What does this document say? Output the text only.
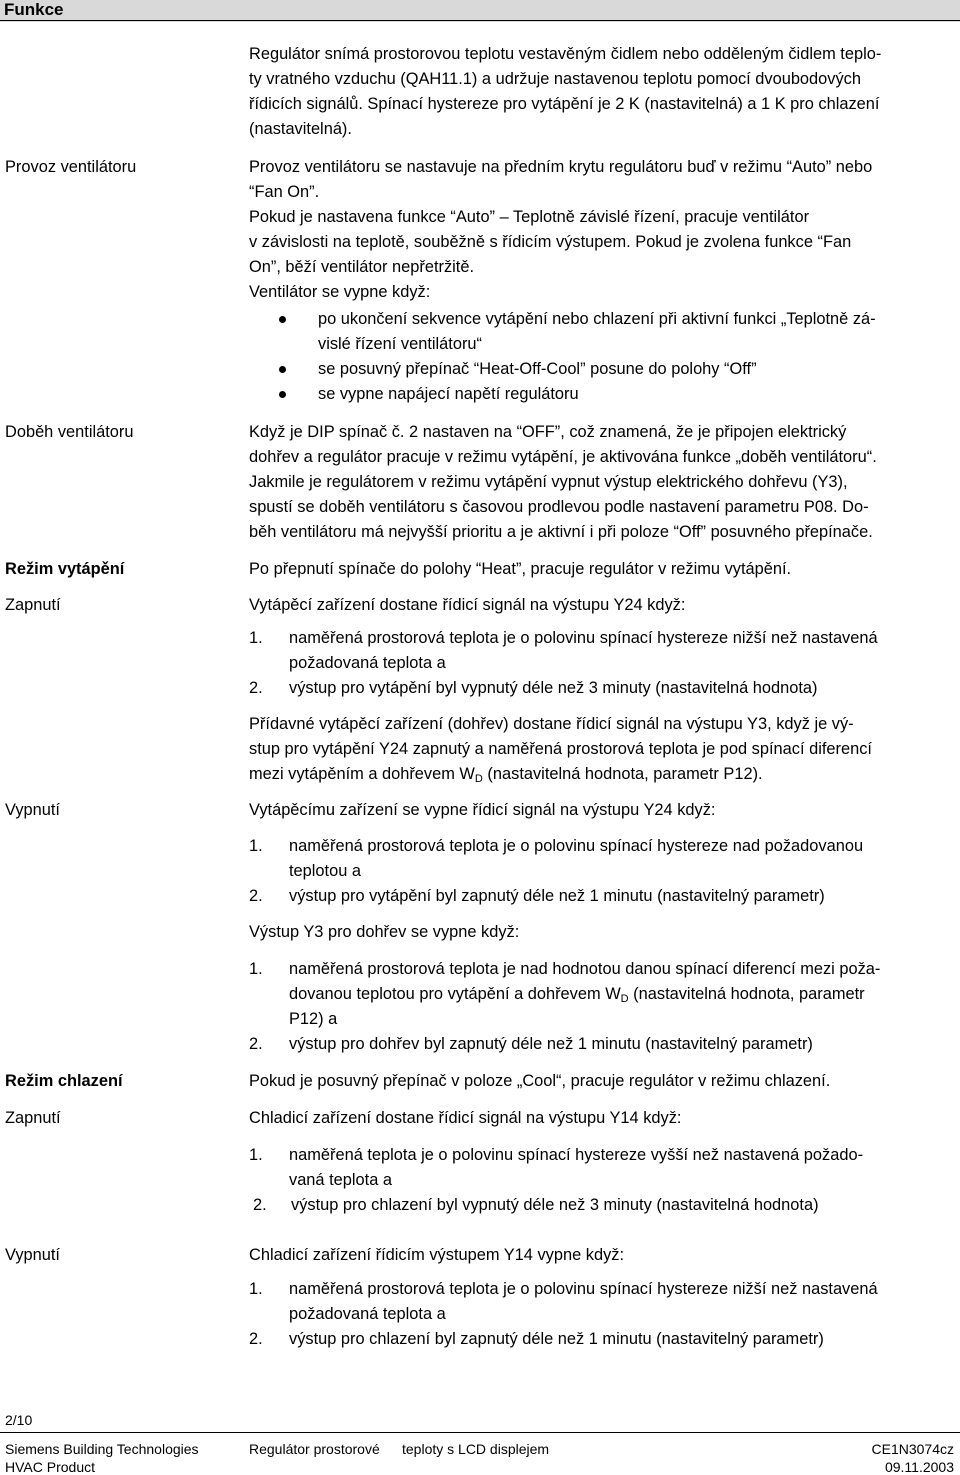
Funkce
Regulátor snímá prostorovou teplotu vestavěným čidlem nebo odděleným čidlem teplo-
ty vratného vzduchu (QAH11.1) a udržuje nastavenou teplotu pomocí dvoubodových
řídicích signálů. Spínací hystereze pro vytápění je 2 K (nastavitelná) a 1 K pro chlazení
(nastavitelná).
Provoz ventilátoru	Provoz ventilátoru se nastavuje na předním krytu regulátoru buď v režimu “Auto” nebo
“Fan On”.
Pokud je nastavena funkce “Auto” – Teplotně závislé řízení, pracuje ventilátor
v závislosti na teplotě, souběžně s řídicím výstupem. Pokud je zvolena funkce “Fan
On”, běží ventilátor nepřetržitě.
Ventilátor se vypne když:
po ukončení sekvence vytápění nebo chlazení při aktivní funkci „Teplotně zá-
vislé řízení ventilátoru“
se posuvný přepínač “Heat-Off-Cool” posune do polohy “Off”
se vypne napájecí napětí regulátoru
Doběh ventilátoru	Když je DIP spínač č. 2 nastaven na “OFF”, což znamená, že je připojen elektrický
dohřev a regulátor pracuje v režimu vytápění, je aktivována funkce „doběh ventilátoru“.
Jakmile je regulátorem v režimu vytápění vypnut výstup elektrického dohřevu (Y3),
spustí se doběh ventilátoru s časovou prodlevou podle nastavení parametru P08. Do-
běh ventilátoru má nejvyšší prioritu a je aktivní i při poloze “Off” posuvného přepínače.
Režim vytápění	Po přepnutí spínače do polohy “Heat”, pracuje regulátor v režimu vytápění.
Zapnutí	Vytápěcí zařízení dostane řídicí signál na výstupu Y24 když:
1. naměřená prostorová teplota je o polovinu spínací hystereze nižší než nastavená
požadovaná teplota a
2. výstup pro vytápění byl vypnutý déle než 3 minuty (nastavitelná hodnota)
Přídavné vytápěcí zařízení (dohřev) dostane řídicí signál na výstupu Y3, když je vý-
stup pro vytápění Y24 zapnutý a naměřená prostorová teplota je pod spínací diferencí
mezi vytápěním a dohřevem $W_D$ (nastavitelná hodnota, parametr P12).
Vypnutí	Vytápěcímu zařízení se vypne řídicí signál na výstupu Y24 když:
1. naměřená prostorová teplota je o polovinu spínací hystereze nad požadovanou
teplotou a
2. výstup pro vytápění byl zapnutý déle než 1 minutu (nastavitelný parametr)
Výstup Y3 pro dohřev se vypne když:
1. naměřená prostorová teplota je nad hodnotou danou spínací diferencí mezi poža-
dovanou teplotou pro vytápění a dohřevem $W_D$ (nastavitelná hodnota, parametr
P12) a
2. výstup pro dohřev byl zapnutý déle než 1 minutu (nastavitelný parametr)
Režim chlazení	Pokud je posuvný přepínač v poloze „Cool“, pracuje regulátor v režimu chlazení.
Zapnutí	Chladicí zařízení dostane řídicí signál na výstupu Y14 když:
1. naměřená teplota je o polovinu spínací hystereze vyšší než nastavená požado-
vaná teplota a
2. výstup pro chlazení byl vypnutý déle než 3 minuty (nastavitelná hodnota)
Vypnutí	Chladicí zařízení řídicím výstupem Y14 vypne když:
1. naměřená prostorová teplota je o polovinu spínací hystereze nižší než nastavená
požadovaná teplota a
2. výstup pro chlazení byl zapnutý déle než 1 minutu (nastavitelný parametr)
2/10
Siemens Building Technologies
HVAC Product
Regulátor prostorové teploty s LCD displejem	CE1N3074cz
09.11.2003
